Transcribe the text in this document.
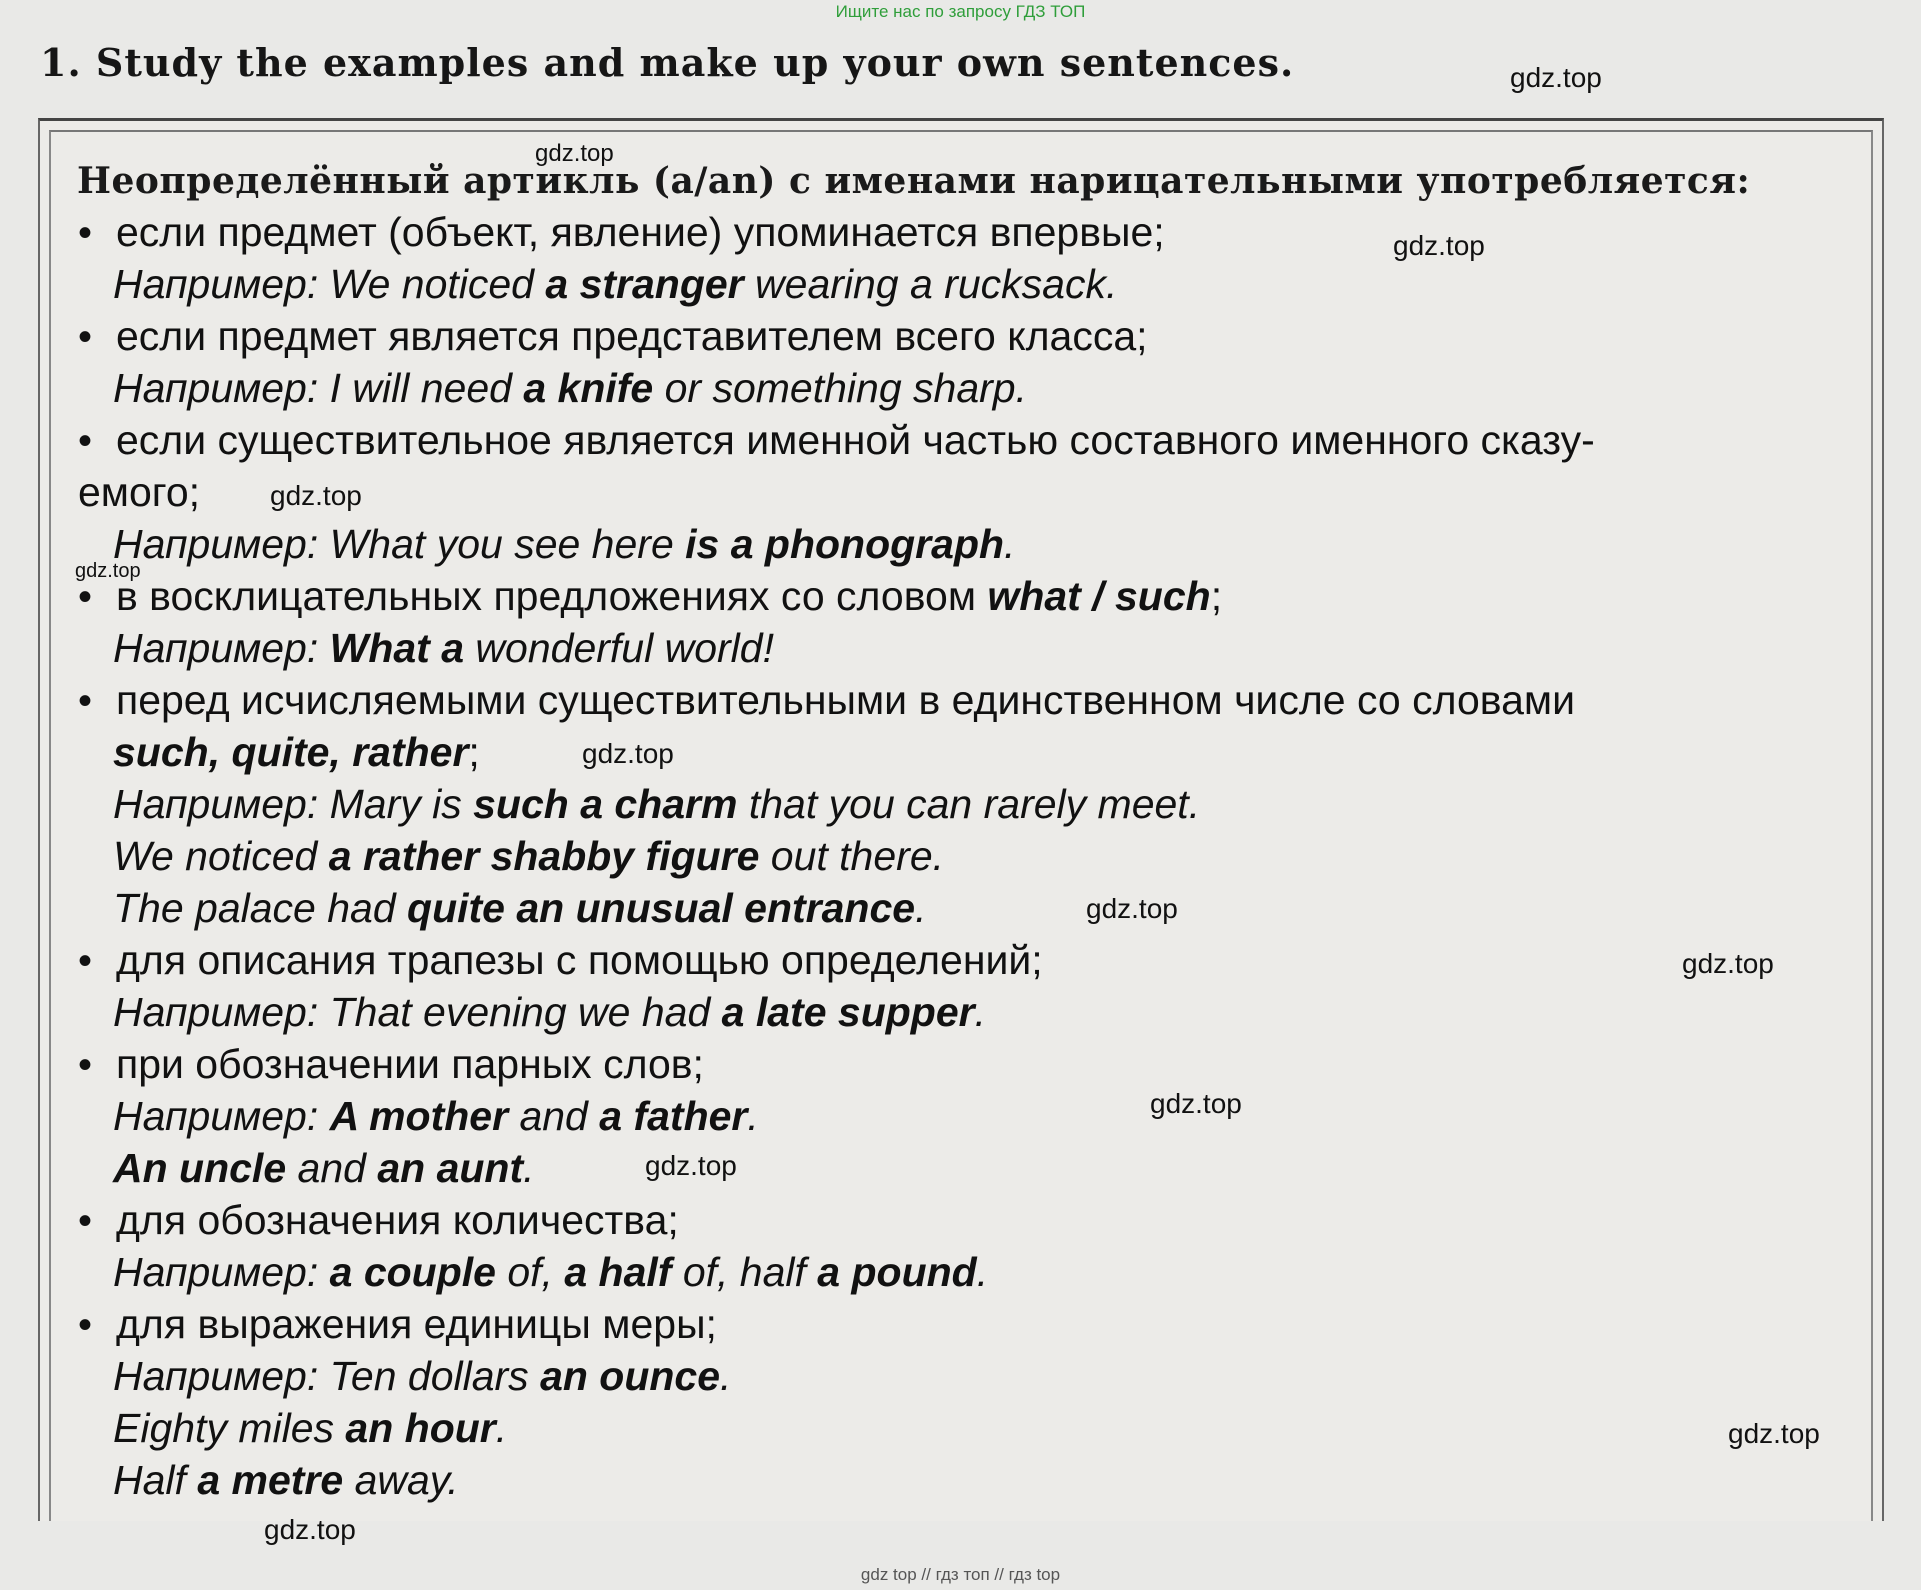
Ищите нас по запросу ГДЗ ТОП
1. Study the examples and make up your own sentences.
Неопределённый артикль (a/an) с именами нарицательными употребляется:
• если предмет (объект, явление) упоминается впервые;
Например: We noticed a stranger wearing a rucksack.
• если предмет является представителем всего класса;
Например: I will need a knife or something sharp.
• если существительное является именной частью составного именного сказу-
емого;
Например: What you see here is a phonograph.
• в восклицательных предложениях со словом what / such;
Например: What a wonderful world!
• перед исчисляемыми существительными в единственном числе со словами
such, quite, rather;
Например: Mary is such a charm that you can rarely meet.
We noticed a rather shabby figure out there.
The palace had quite an unusual entrance.
• для описания трапезы с помощью определений;
Например: That evening we had a late supper.
• при обозначении парных слов;
Например: A mother and a father.
An uncle and an aunt.
• для обозначения количества;
Например: a couple of, a half of, half a pound.
• для выражения единицы меры;
Например: Ten dollars an ounce.
Eighty miles an hour.
Half a metre away.
gdz.top
gdz.top
gdz.top
gdz.top
gdz.top
gdz.top
gdz.top
gdz.top
gdz.top
gdz.top
gdz.top
gdz.top
gdz top // гдз топ // гдз top
